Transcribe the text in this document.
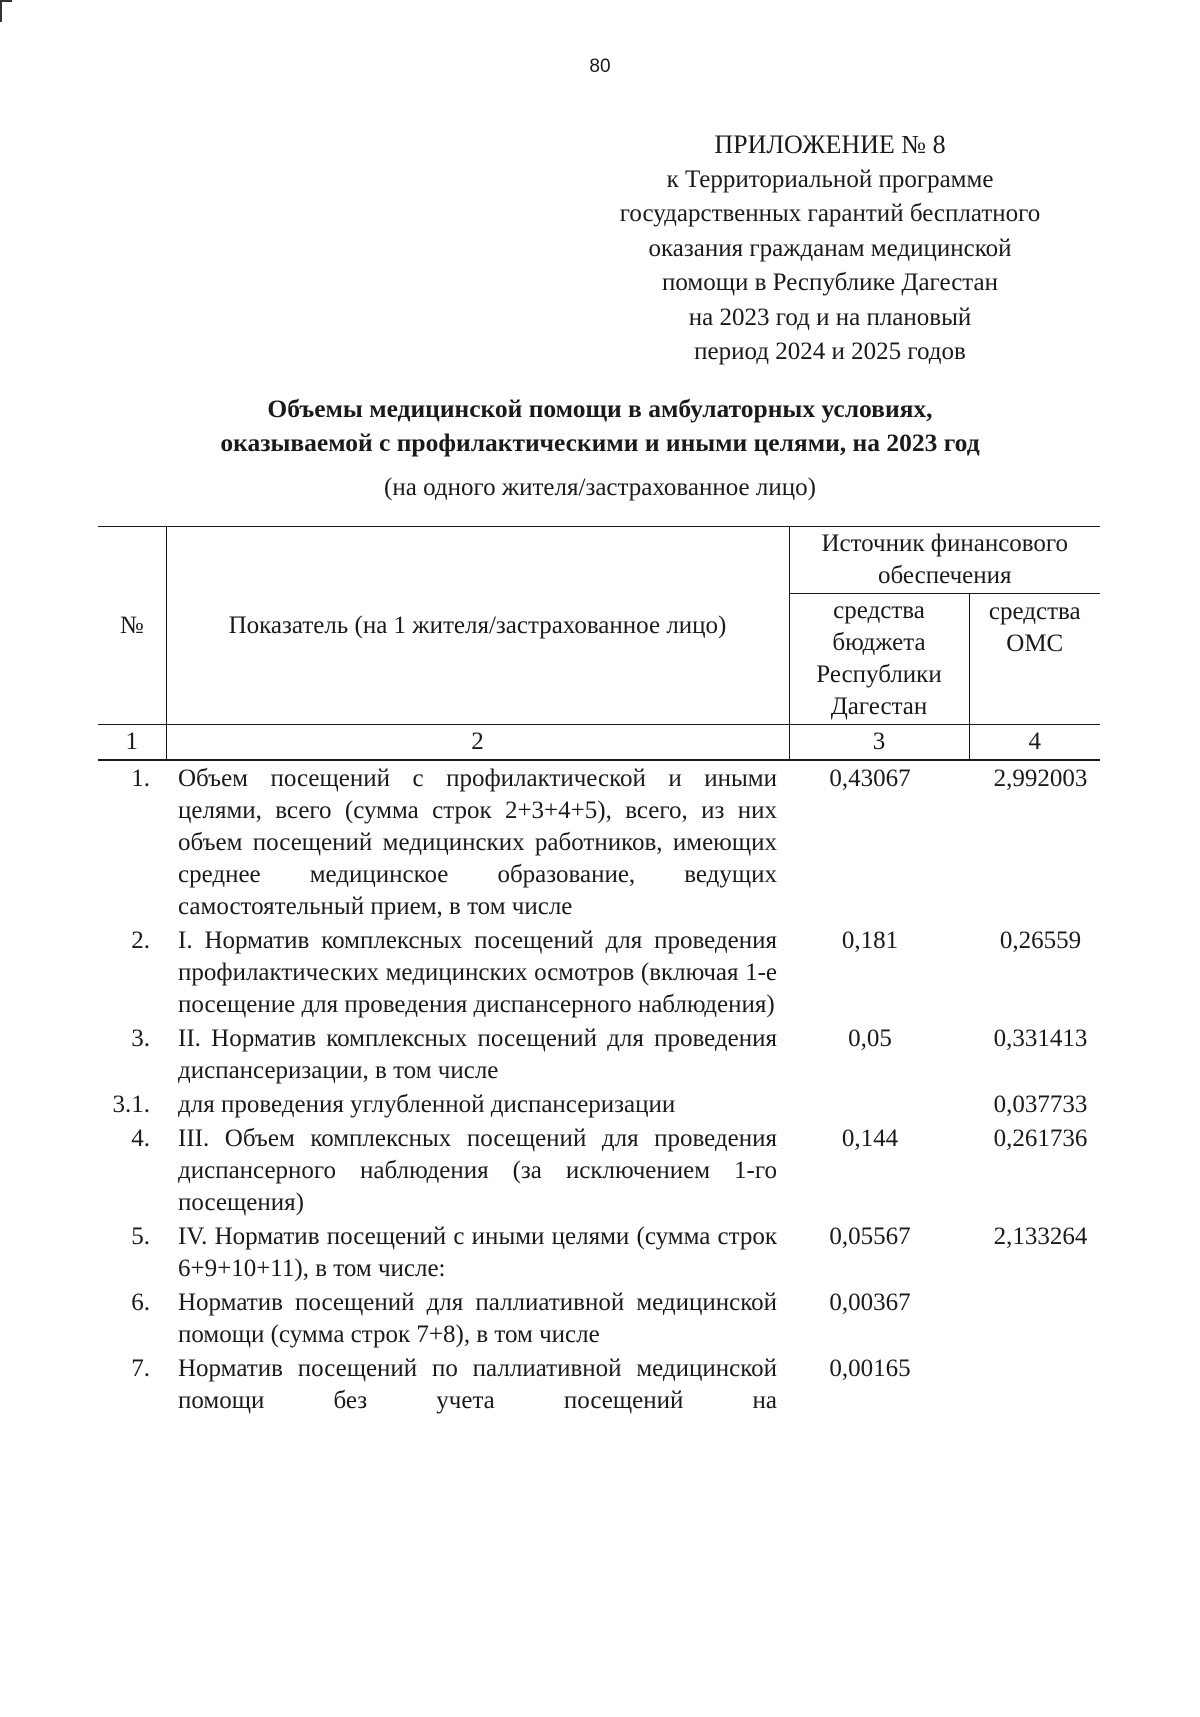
80
ПРИЛОЖЕНИЕ № 8
к Территориальной программе
государственных гарантий бесплатного
оказания гражданам медицинской
помощи в Республике Дагестан
на 2023 год и на плановый
период 2024 и 2025 годов
Объемы медицинской помощи в амбулаторных условиях,
оказываемой с профилактическими и иными целями, на 2023 год
(на одного жителя/застрахованное лицо)
№	Показатель (на 1 жителя/застрахованное лицо)	Источник финансового обеспечения	
		средства бюджета Республики Дагестан	средства ОМС
1	2	3	4
1.	Объем посещений с профилактической и иными целями, всего (сумма строк 2+3+4+5), всего, из них объем посещений медицинских работников, имеющих среднее медицинское образование, ведущих самостоятельный прием, в том числе	0,43067	2,992003
2.	I. Норматив комплексных посещений для проведения профилактических медицинских осмотров (включая 1-е посещение для проведения диспансерного наблюдения)	0,181	0,26559
3.	II. Норматив комплексных посещений для проведения диспансеризации, в том числе	0,05	0,331413
3.1.	для проведения углубленной диспансеризации		0,037733
4.	III. Объем комплексных посещений для проведения диспансерного наблюдения (за исключением 1-го посещения)	0,144	0,261736
5.	IV. Норматив посещений с иными целями (сумма строк 6+9+10+11), в том числе:	0,05567	2,133264
6.	Норматив посещений для паллиативной медицинской помощи (сумма строк 7+8), в том числе	0,00367	
7.	Норматив посещений по паллиативной медицинской помощи без учета посещений на	0,00165	
